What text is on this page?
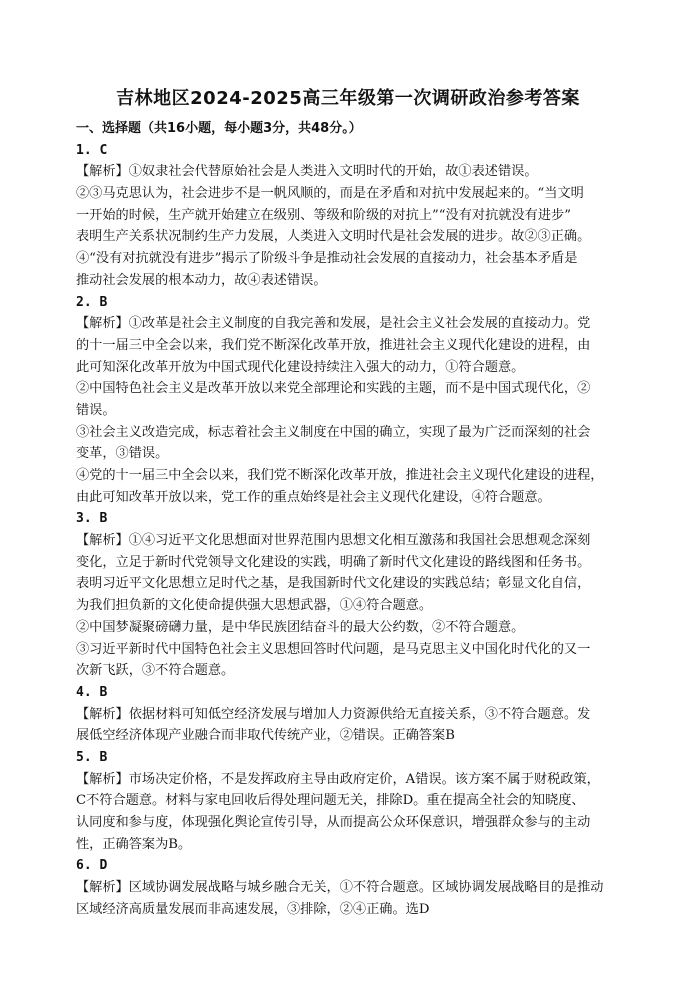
吉林地区2024-2025高三年级第一次调研政治参考答案
一、选择题（共16小题，每小题3分，共48分。）
1. C
【解析】①奴隶社会代替原始社会是人类进入文明时代的开始，故①表述错误。
②③马克思认为，社会进步不是一帆风顺的，而是在矛盾和对抗中发展起来的。“当文明
一开始的时候，生产就开始建立在级别、等级和阶级的对抗上”“没有对抗就没有进步”
表明生产关系状况制约生产力发展，人类进入文明时代是社会发展的进步。故②③正确。
④“没有对抗就没有进步”揭示了阶级斗争是推动社会发展的直接动力，社会基本矛盾是
推动社会发展的根本动力，故④表述错误。
2. B
【解析】①改革是社会主义制度的自我完善和发展，是社会主义社会发展的直接动力。党
的十一届三中全会以来，我们党不断深化改革开放，推进社会主义现代化建设的进程，由
此可知深化改革开放为中国式现代化建设持续注入强大的动力，①符合题意。
②中国特色社会主义是改革开放以来党全部理论和实践的主题，而不是中国式现代化，②
错误。
③社会主义改造完成，标志着社会主义制度在中国的确立，实现了最为广泛而深刻的社会
变革，③错误。
④党的十一届三中全会以来，我们党不断深化改革开放，推进社会主义现代化建设的进程，
由此可知改革开放以来，党工作的重点始终是社会主义现代化建设，④符合题意。
3. B
【解析】①④习近平文化思想面对世界范围内思想文化相互激荡和我国社会思想观念深刻
变化，立足于新时代党领导文化建设的实践，明确了新时代文化建设的路线图和任务书。
表明习近平文化思想立足时代之基，是我国新时代文化建设的实践总结；彰显文化自信，
为我们担负新的文化使命提供强大思想武器，①④符合题意。
②中国梦凝聚磅礴力量，是中华民族团结奋斗的最大公约数，②不符合题意。
③习近平新时代中国特色社会主义思想回答时代问题，是马克思主义中国化时代化的又一
次新飞跃，③不符合题意。
4. B
【解析】依据材料可知低空经济发展与增加人力资源供给无直接关系，③不符合题意。发
展低空经济体现产业融合而非取代传统产业，②错误。正确答案B
5. B
【解析】市场决定价格，不是发挥政府主导由政府定价，A错误。该方案不属于财税政策，
C不符合题意。材料与家电回收后得处理问题无关，排除D。重在提高全社会的知晓度、
认同度和参与度，体现强化舆论宣传引导，从而提高公众环保意识，增强群众参与的主动
性，正确答案为B。
6. D
【解析】区域协调发展战略与城乡融合无关，①不符合题意。区域协调发展战略目的是推动
区域经济高质量发展而非高速发展，③排除，②④正确。选D
